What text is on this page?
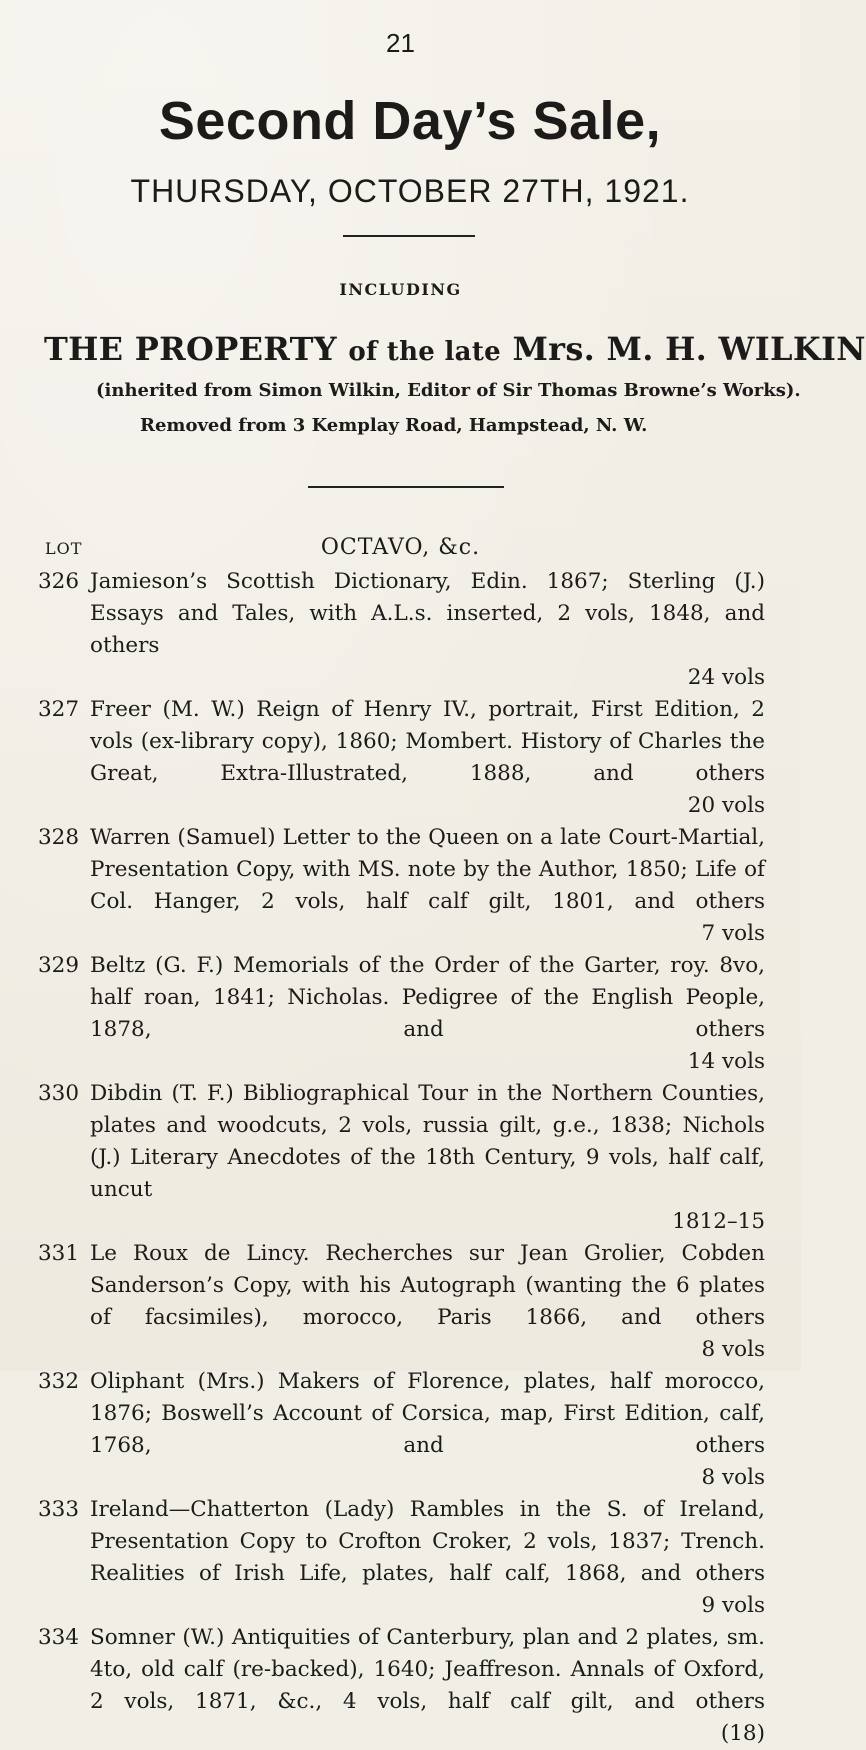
21
Second Day’s Sale,
THURSDAY, OCTOBER 27TH, 1921.
INCLUDING
THE PROPERTY of the late Mrs. M. H. WILKIN
(inherited from Simon Wilkin, Editor of Sir Thomas Browne’s Works).
Removed from 3 Kemplay Road, Hampstead, N. W.
LOT	OCTAVO, &c.
326 Jamieson’s Scottish Dictionary, Edin. 1867; Sterling (J.) Essays and Tales, with A.L.s. inserted, 2 vols, 1848, and others
24 vols
327 Freer (M. W.) Reign of Henry IV., portrait, First Edition, 2 vols (ex-library copy), 1860; Mombert. History of Charles the Great, Extra-Illustrated, 1888, and others
20 vols
328 Warren (Samuel) Letter to the Queen on a late Court-Martial, Presentation Copy, with MS. note by the Author, 1850; Life of Col. Hanger, 2 vols, half calf gilt, 1801, and others
7 vols
329 Beltz (G. F.) Memorials of the Order of the Garter, roy. 8vo, half roan, 1841; Nicholas. Pedigree of the English People, 1878, and others
14 vols
330 Dibdin (T. F.) Bibliographical Tour in the Northern Counties, plates and woodcuts, 2 vols, russia gilt, g.e., 1838; Nichols (J.) Literary Anecdotes of the 18th Century, 9 vols, half calf, uncut
1812–15
331 Le Roux de Lincy. Recherches sur Jean Grolier, Cobden Sanderson’s Copy, with his Autograph (wanting the 6 plates of facsimiles), morocco, Paris 1866, and others
8 vols
332 Oliphant (Mrs.) Makers of Florence, plates, half morocco, 1876; Boswell’s Account of Corsica, map, First Edition, calf, 1768, and others
8 vols
333 Ireland—Chatterton (Lady) Rambles in the S. of Ireland, Presentation Copy to Crofton Croker, 2 vols, 1837; Trench. Realities of Irish Life, plates, half calf, 1868, and others
9 vols
334 Somner (W.) Antiquities of Canterbury, plan and 2 plates, sm. 4to, old calf (re-backed), 1640; Jeaffreson. Annals of Oxford, 2 vols, 1871, &c., 4 vols, half calf gilt, and others
(18)
